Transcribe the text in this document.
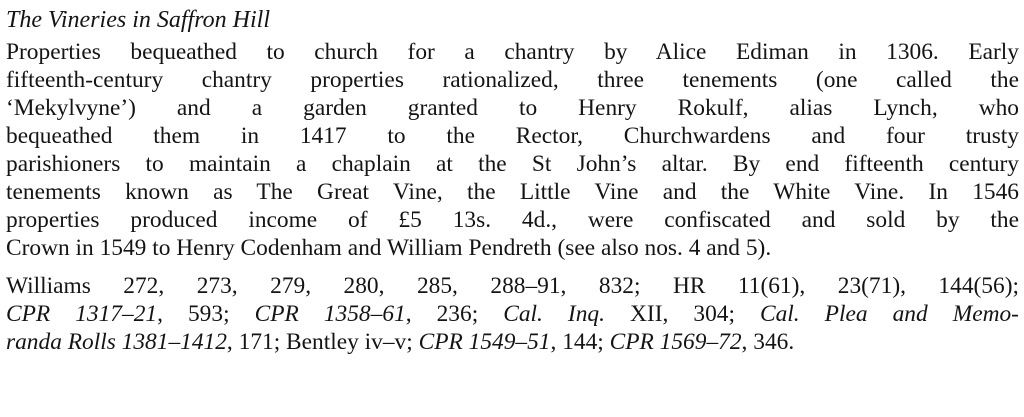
The Vineries in Saffron Hill
Properties bequeathed to church for a chantry by Alice Ediman in 1306. Early
fifteenth-century chantry properties rationalized, three tenements (one called the
‘Mekylvyne’) and a garden granted to Henry Rokulf, alias Lynch, who
bequeathed them in 1417 to the Rector, Churchwardens and four trusty
parishioners to maintain a chaplain at the St John’s altar. By end fifteenth century
tenements known as The Great Vine, the Little Vine and the White Vine. In 1546
properties produced income of £5 13s. 4d., were confiscated and sold by the
Crown in 1549 to Henry Codenham and William Pendreth (see also nos. 4 and 5).
Williams 272, 273, 279, 280, 285, 288–91, 832; HR 11(61), 23(71), 144(56);
CPR 1317–21, 593; CPR 1358–61, 236; Cal. Inq. XII, 304; Cal. Plea and Memo-
randa Rolls 1381–1412, 171; Bentley iv–v; CPR 1549–51, 144; CPR 1569–72, 346.
